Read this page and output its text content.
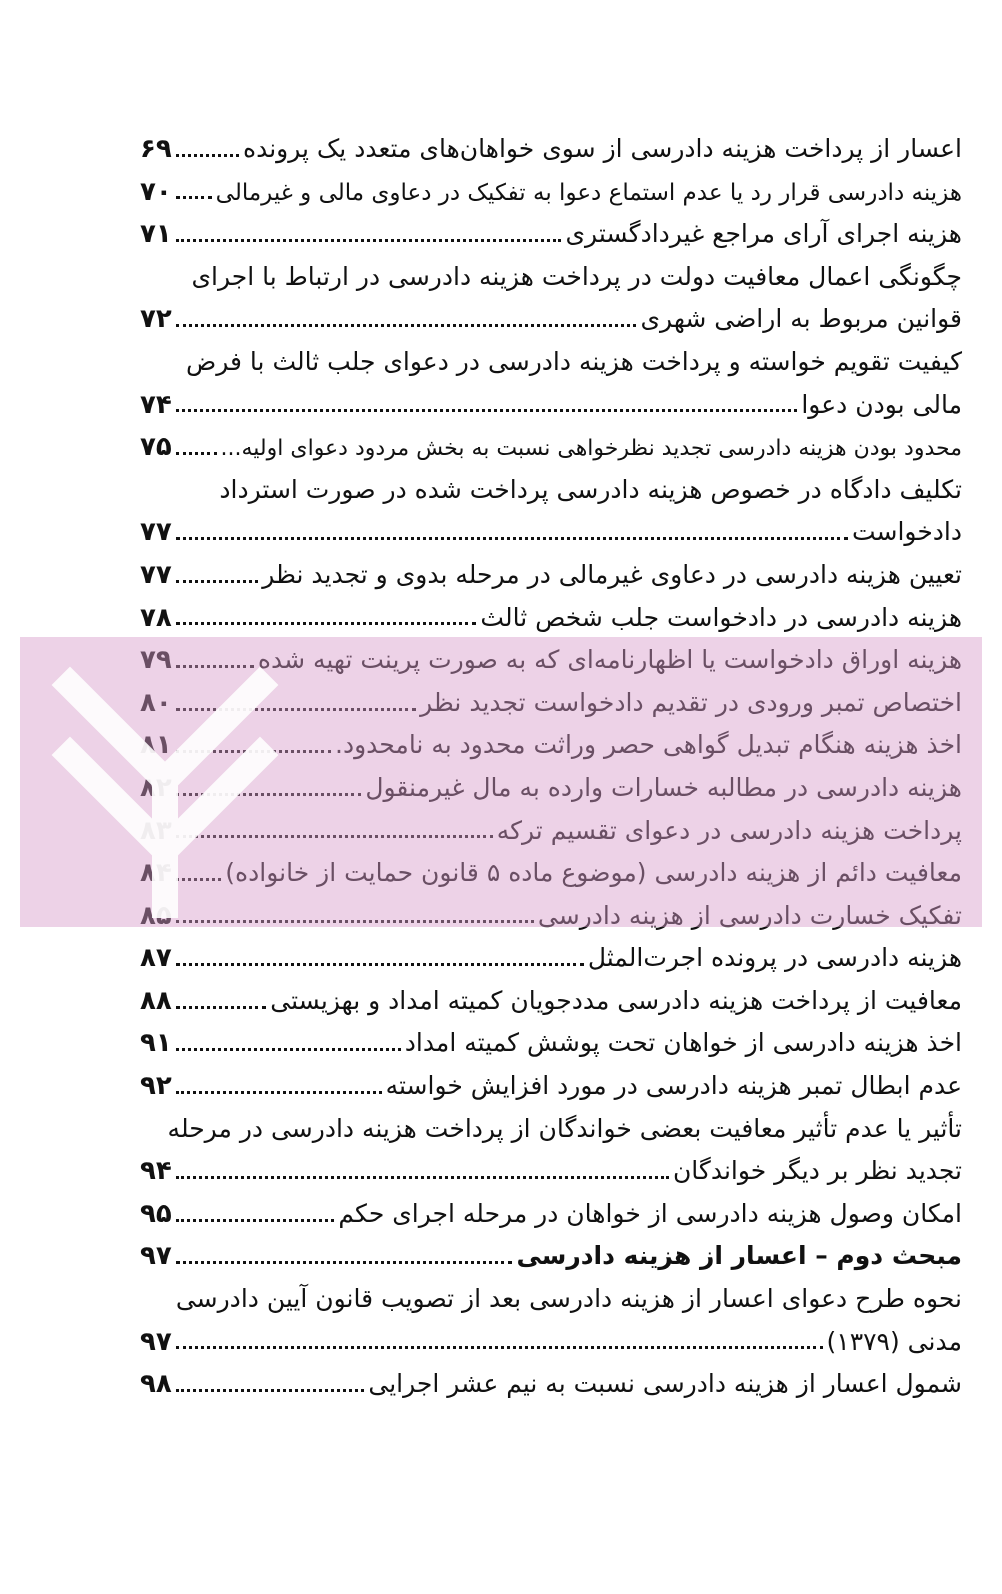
اعسار از پرداخت هزینه دادرسی از سوی خواهان‌های متعدد یک پرونده
۶۹
هزینه دادرسی قرار رد یا عدم استماع دعوا به تفکیک در دعاوی مالی و غیرمالی
۷۰
هزینه اجرای آرای مراجع غیردادگستری
۷۱
چگونگی اعمال معافیت دولت در پرداخت هزینه دادرسی در ارتباط با اجرای
قوانین مربوط به اراضی شهری
۷۲
کیفیت تقویم خواسته و پرداخت هزینه دادرسی در دعوای جلب ثالث با فرض
مالی بودن دعوا
۷۴
محدود بودن هزینه دادرسی تجدید نظرخواهی نسبت به بخش مردود دعوای اولیه...
۷۵
تکلیف دادگاه در خصوص هزینه دادرسی پرداخت شده در صورت استرداد
دادخواست
۷۷
تعیین هزینه دادرسی در دعاوی غیرمالی در مرحله بدوی و تجدید نظر
۷۷
هزینه دادرسی در دادخواست جلب شخص ثالث
۷۸
هزینه اوراق دادخواست یا اظهارنامه‌ای که به صورت پرینت تهیه شده
۷۹
اختصاص تمبر ورودی در تقدیم دادخواست تجدید نظر
۸۰
اخذ هزینه هنگام تبدیل گواهی حصر وراثت محدود به نامحدود.
۸۱
هزینه دادرسی در مطالبه خسارات وارده به مال غیرمنقول
۸۲
پرداخت هزینه دادرسی در دعوای تقسیم ترکه
۸۳
معافیت دائم از هزینه دادرسی (موضوع ماده ۵ قانون حمایت از خانواده)
۸۴
تفکیک خسارت دادرسی از هزینه دادرسی
۸۵
هزینه دادرسی در پرونده اجرت‌المثل
۸۷
معافیت از پرداخت هزینه دادرسی مددجویان کمیته امداد و بهزیستی
۸۸
اخذ هزینه دادرسی از خواهان تحت پوشش کمیته امداد
۹۱
عدم ابطال تمبر هزینه دادرسی در مورد افزایش خواسته
۹۲
تأثیر یا عدم تأثیر معافیت بعضی خواندگان از پرداخت هزینه دادرسی در مرحله
تجدید نظر بر دیگر خواندگان
۹۴
امکان وصول هزینه دادرسی از خواهان در مرحله اجرای حکم
۹۵
مبحث دوم – اعسار از هزینه دادرسی
۹۷
نحوه طرح دعوای اعسار از هزینه دادرسی بعد از تصویب قانون آیین دادرسی
مدنی (۱۳۷۹)
۹۷
شمول اعسار از هزینه دادرسی نسبت به نیم عشر اجرایی
۹۸
